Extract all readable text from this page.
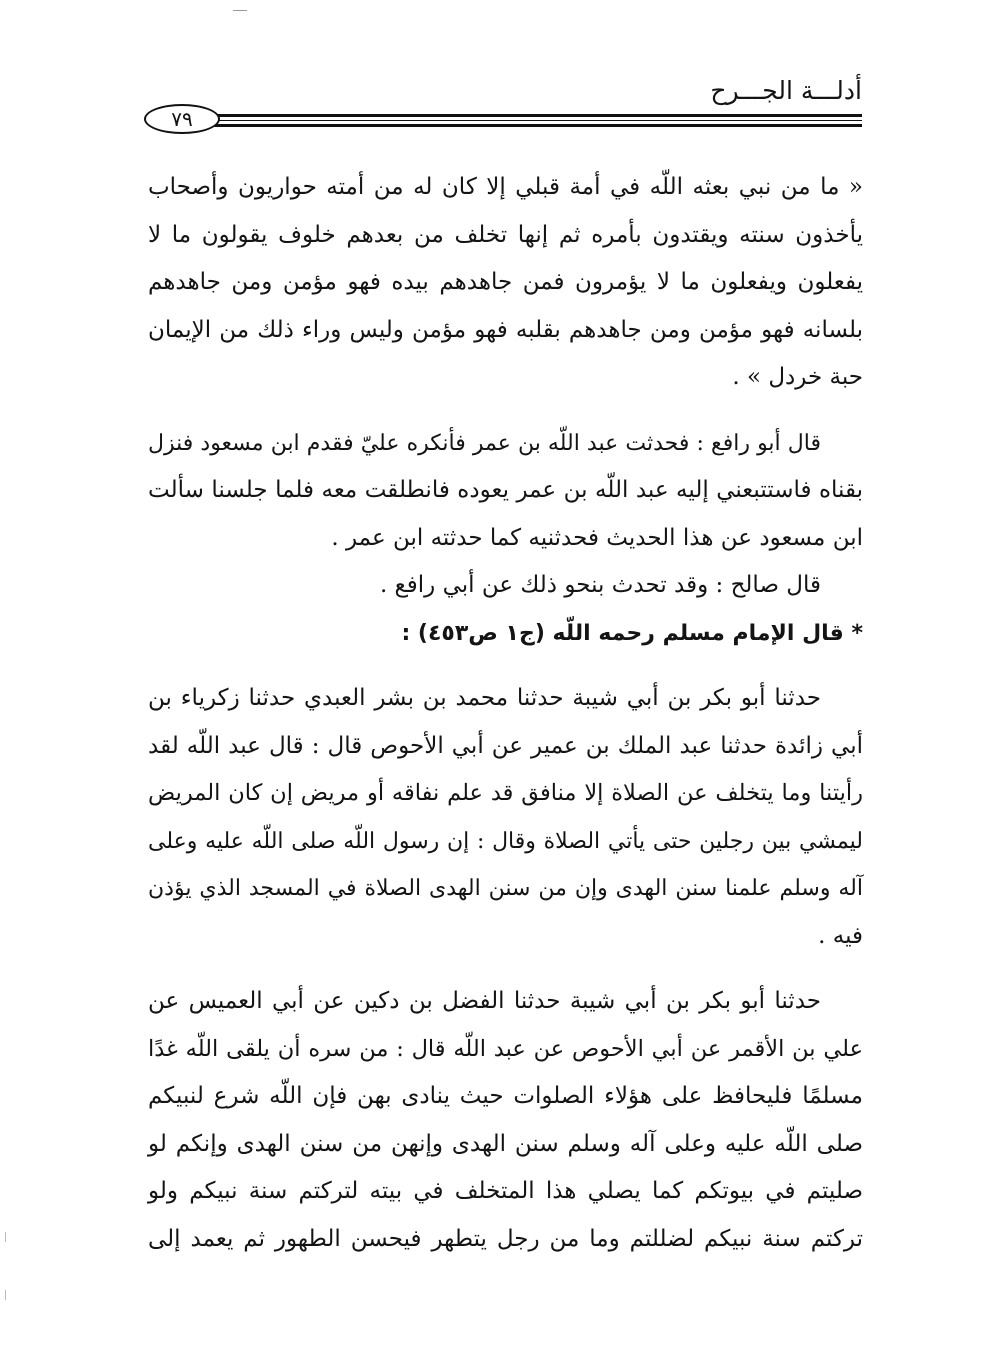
أدلـــة الجـــرح
٧٩
« ما من نبي بعثه اللّه في أمة قبلي إلا كان له من أمته حواريون وأصحاب
يأخذون سنته ويقتدون بأمره ثم إنها تخلف من بعدهم خلوف يقولون ما لا
يفعلون ويفعلون ما لا يؤمرون فمن جاهدهم بيده فهو مؤمن ومن جاهدهم
بلسانه فهو مؤمن ومن جاهدهم بقلبه فهو مؤمن وليس وراء ذلك من الإيمان
حبة خردل » .
قال أبو رافع : فحدثت عبد اللّه بن عمر فأنكره عليّ فقدم ابن مسعود فنزل
بقناه فاستتبعني إليه عبد اللّه بن عمر يعوده فانطلقت معه فلما جلسنا سألت
ابن مسعود عن هذا الحديث فحدثنيه كما حدثته ابن عمر .
قال صالح : وقد تحدث بنحو ذلك عن أبي رافع .
* قال الإمام مسلم رحمه اللّه (ج١ ص٤٥٣) :
حدثنا أبو بكر بن أبي شيبة حدثنا محمد بن بشر العبدي حدثنا زكرياء بن
أبي زائدة حدثنا عبد الملك بن عمير عن أبي الأحوص قال : قال عبد اللّه لقد
رأيتنا وما يتخلف عن الصلاة إلا منافق قد علم نفاقه أو مريض إن كان المريض
ليمشي بين رجلين حتى يأتي الصلاة وقال : إن رسول اللّه صلى اللّه عليه وعلى
آله وسلم علمنا سنن الهدى وإن من سنن الهدى الصلاة في المسجد الذي يؤذن
فيه .
حدثنا أبو بكر بن أبي شيبة حدثنا الفضل بن دكين عن أبي العميس عن
علي بن الأقمر عن أبي الأحوص عن عبد اللّه قال : من سره أن يلقى اللّه غدًا
مسلمًا فليحافظ على هؤلاء الصلوات حيث ينادى بهن فإن اللّه شرع لنبيكم
صلى اللّه عليه وعلى آله وسلم سنن الهدى وإنهن من سنن الهدى وإنكم لو
صليتم في بيوتكم كما يصلي هذا المتخلف في بيته لتركتم سنة نبيكم ولو
تركتم سنة نبيكم لضللتم وما من رجل يتطهر فيحسن الطهور ثم يعمد إلى
